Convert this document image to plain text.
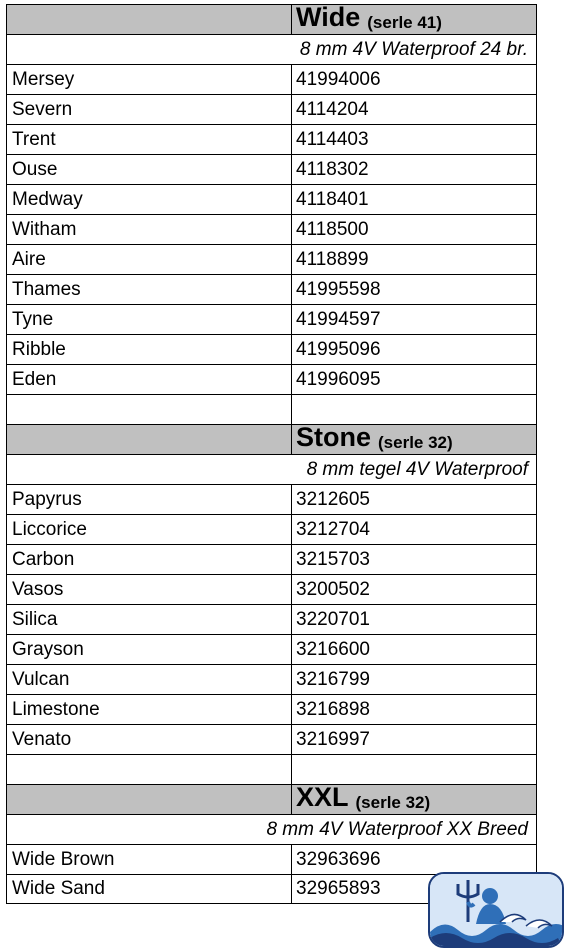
Wide (serle 41)
8 mm 4V Waterproof 24 br.
Mersey	41994006
Severn	4114204
Trent	4114403
Ouse	4118302
Medway	4118401
Witham	4118500
Aire	4118899
Thames	41995598
Tyne	41994597
Ribble	41995096
Eden	41996095
Stone (serle 32)
8 mm tegel 4V Waterproof
Papyrus	3212605
Liccorice	3212704
Carbon	3215703
Vasos	3200502
Silica	3220701
Grayson	3216600
Vulcan	3216799
Limestone	3216898
Venato	3216997
XXL (serle 32)
8 mm 4V Waterproof XX Breed
Wide Brown	32963696
Wide Sand	32965893
